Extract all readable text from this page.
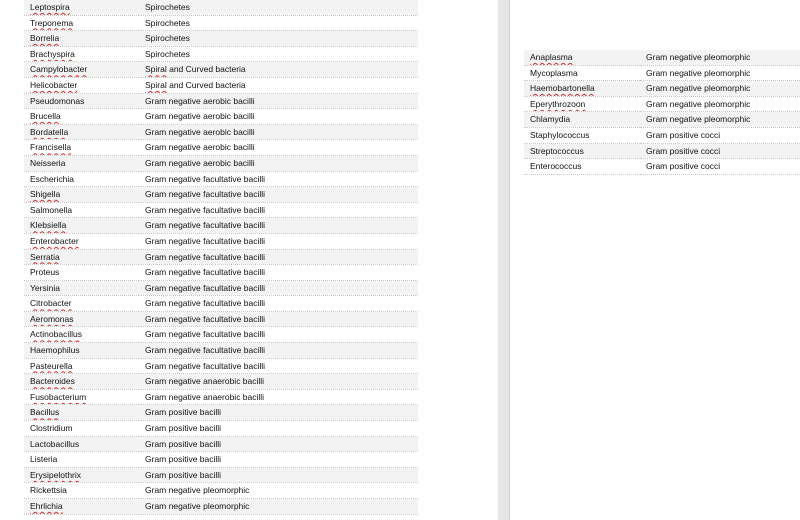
Leptospira	Spirochetes
Treponema	Spirochetes
Borrelia	Spirochetes
Brachyspira	Spirochetes
Campylobacter	Spiral and Curved bacteria
Helicobacter	Spiral and Curved bacteria
Pseudomonas	Gram negative aerobic bacilli
Brucella	Gram negative aerobic bacilli
Bordatella	Gram negative aerobic bacilli
Francisella	Gram negative aerobic bacilli
Neisseria	Gram negative aerobic bacilli
Escherichia	Gram negative facultative bacilli
Shigella	Gram negative facultative bacilli
Salmonella	Gram negative facultative bacilli
Klebsiella	Gram negative facultative bacilli
Enterobacter	Gram negative facultative bacilli
Serratia	Gram negative facultative bacilli
Proteus	Gram negative facultative bacilli
Yersinia	Gram negative facultative bacilli
Citrobacter	Gram negative facultative bacilli
Aeromonas	Gram negative facultative bacilli
Actinobacillus	Gram negative facultative bacilli
Haemophilus	Gram negative facultative bacilli
Pasteurella	Gram negative facultative bacilli
Bacteroides	Gram negative anaerobic bacilli
Fusobacterium	Gram negative anaerobic bacilli
Bacillus	Gram positive bacilli
Clostridium	Gram positive bacilli
Lactobacillus	Gram positive bacilli
Listeria	Gram positive bacilli
Erysipelothrix	Gram positive bacilli
Rickettsia	Gram negative pleomorphic
Ehrlichia	Gram negative pleomorphic
Anaplasma	Gram negative pleomorphic
Mycoplasma	Gram negative pleomorphic
Haemobartonella	Gram negative pleomorphic
Eperythrozoon	Gram negative pleomorphic
Chlamydia	Gram negative pleomorphic
Staphylococcus	Gram positive cocci
Streptococcus	Gram positive cocci
Enterococcus	Gram positive cocci
